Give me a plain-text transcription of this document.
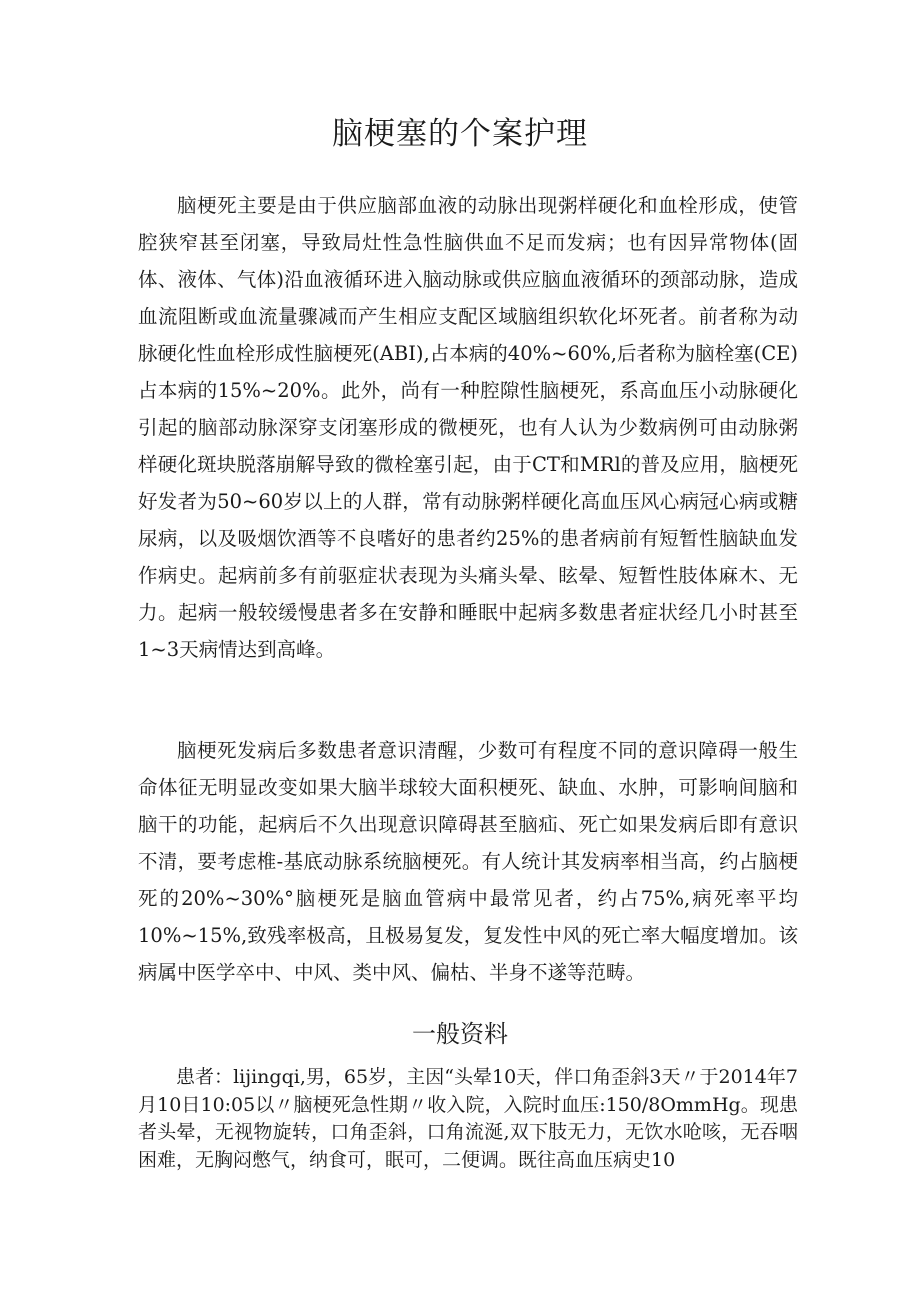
脑梗塞的个案护理

脑梗死主要是由于供应脑部血液的动脉出现粥样硬化和血栓形成，使管腔狭窄甚至闭塞，导致局灶性急性脑供血不足而发病；也有因异常物体(固体、液体、气体)沿血液循环进入脑动脉或供应脑血液循环的颈部动脉，造成血流阻断或血流量骤减而产生相应支配区域脑组织软化坏死者。前者称为动脉硬化性血栓形成性脑梗死(ABI),占本病的40%~60%,后者称为脑栓塞(CE)占本病的15%~20%。此外，尚有一种腔隙性脑梗死，系高血压小动脉硬化引起的脑部动脉深穿支闭塞形成的微梗死，也有人认为少数病例可由动脉粥样硬化斑块脱落崩解导致的微栓塞引起，由于CT和MRl的普及应用，脑梗死好发者为50~60岁以上的人群，常有动脉粥样硬化高血压风心病冠心病或糖尿病，以及吸烟饮酒等不良嗜好的患者约25%的患者病前有短暂性脑缺血发作病史。起病前多有前驱症状表现为头痛头晕、眩晕、短暂性肢体麻木、无力。起病一般较缓慢患者多在安静和睡眠中起病多数患者症状经几小时甚至1~3天病情达到高峰。

脑梗死发病后多数患者意识清醒，少数可有程度不同的意识障碍一般生命体征无明显改变如果大脑半球较大面积梗死、缺血、水肿，可影响间脑和脑干的功能，起病后不久出现意识障碍甚至脑疝、死亡如果发病后即有意识不清，要考虑椎-基底动脉系统脑梗死。有人统计其发病率相当高，约占脑梗死的20%~30%°脑梗死是脑血管病中最常见者，约占75%,病死率平均10%~15%,致残率极高，且极易复发，复发性中风的死亡率大幅度增加。该病属中医学卒中、中风、类中风、偏枯、半身不遂等范畴。

一般资料

患者：lijingqi,男，65岁，主因“头晕10天，伴口角歪斜3天〃于2014年7月10日10:05以〃脑梗死急性期〃收入院，入院时血压:150/8OmmHg。现患者头晕，无视物旋转，口角歪斜，口角流涎,双下肢无力，无饮水呛咳，无吞咽困难，无胸闷憋气，纳食可，眠可，二便调。既往高血压病史10
